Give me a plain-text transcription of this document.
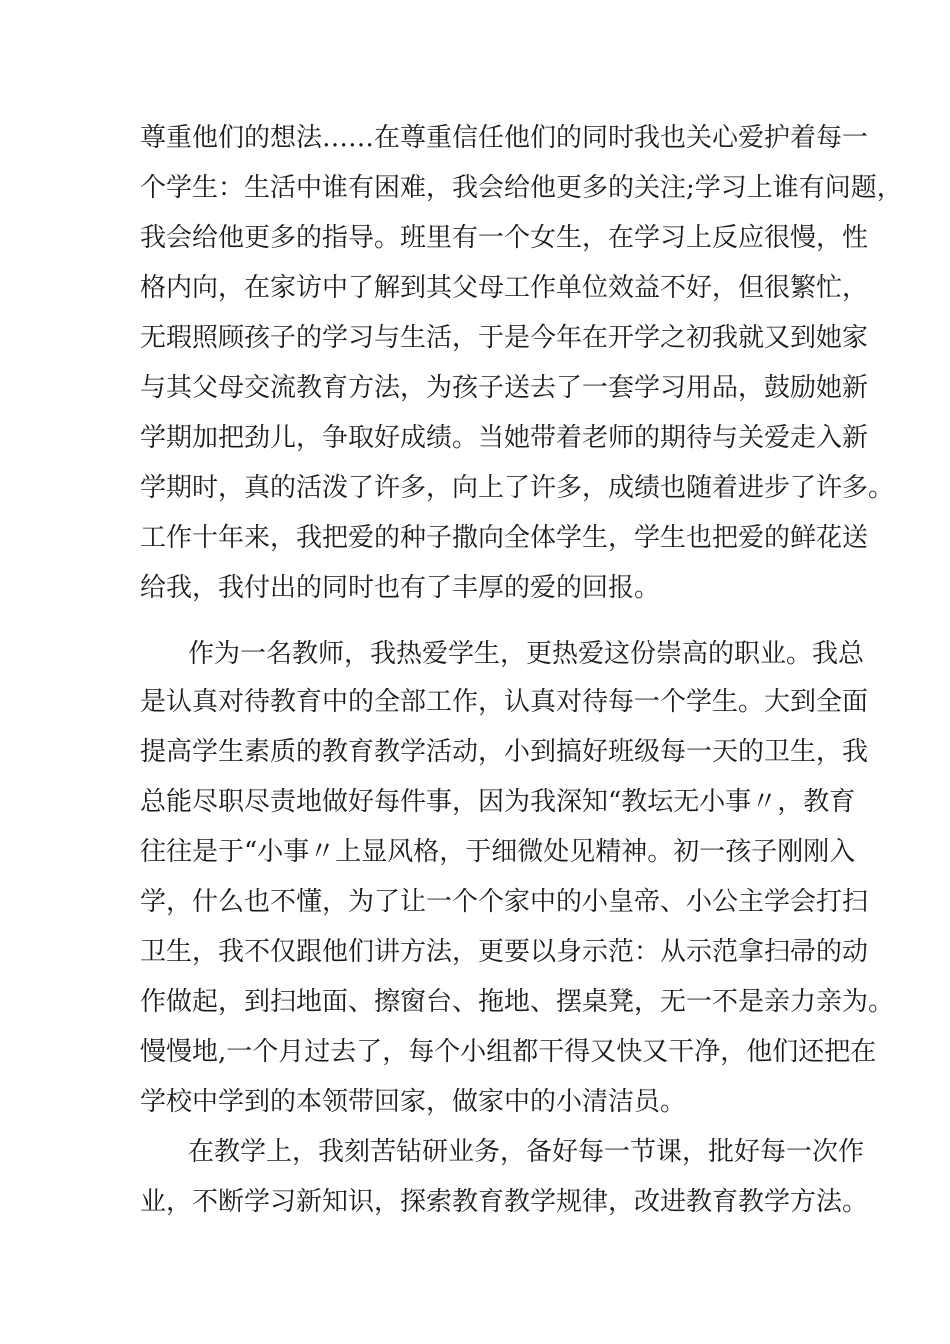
尊重他们的想法……在尊重信任他们的同时我也关心爱护着每一
个学生：生活中谁有困难，我会给他更多的关注;学习上谁有问题，
我会给他更多的指导。班里有一个女生，在学习上反应很慢，性
格内向，在家访中了解到其父母工作单位效益不好，但很繁忙，
无瑕照顾孩子的学习与生活，于是今年在开学之初我就又到她家
与其父母交流教育方法，为孩子送去了一套学习用品，鼓励她新
学期加把劲儿，争取好成绩。当她带着老师的期待与关爱走入新
学期时，真的活泼了许多，向上了许多，成绩也随着进步了许多。
工作十年来，我把爱的种子撒向全体学生，学生也把爱的鲜花送
给我，我付出的同时也有了丰厚的爱的回报。
作为一名教师，我热爱学生，更热爱这份崇高的职业。我总
是认真对待教育中的全部工作，认真对待每一个学生。大到全面
提高学生素质的教育教学活动，小到搞好班级每一天的卫生，我
总能尽职尽责地做好每件事，因为我深知“教坛无小事〃，教育
往往是于“小事〃上显风格，于细微处见精神。初一孩子刚刚入
学，什么也不懂，为了让一个个家中的小皇帝、小公主学会打扫
卫生，我不仅跟他们讲方法，更要以身示范：从示范拿扫帚的动
作做起，到扫地面、擦窗台、拖地、摆桌凳，无一不是亲力亲为。
慢慢地,一个月过去了，每个小组都干得又快又干净，他们还把在
学校中学到的本领带回家，做家中的小清洁员。
在教学上，我刻苦钻研业务，备好每一节课，批好每一次作
业，不断学习新知识，探索教育教学规律，改进教育教学方法。
